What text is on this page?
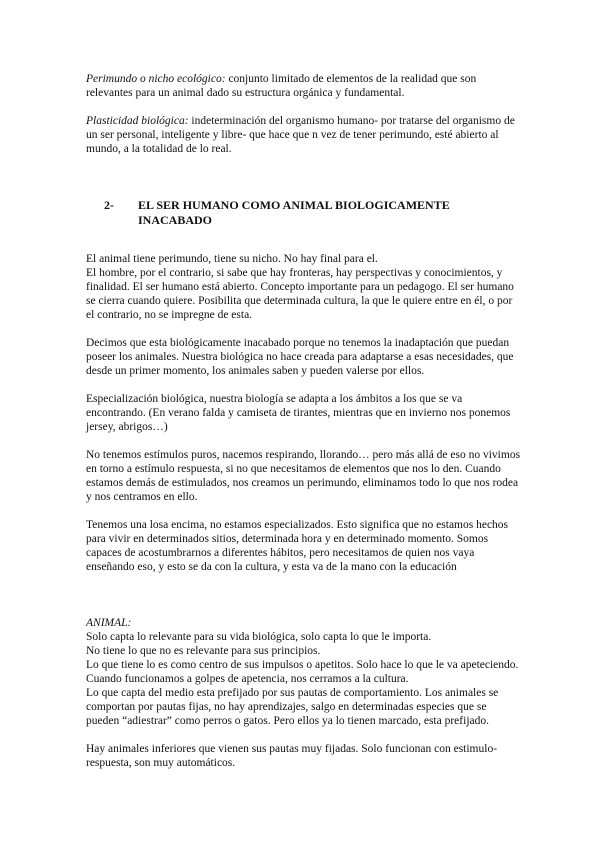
Perimundo o nicho ecológico: conjunto limitado de elementos de la realidad que son relevantes para un animal dado su estructura orgánica y fundamental.

Plasticidad biológica: indeterminación del organismo humano- por tratarse del organismo de un ser personal, inteligente y libre- que hace que n vez de tener perimundo, esté abierto al mundo, a la totalidad de lo real.

2-	EL SER HUMANO COMO ANIMAL BIOLOGICAMENTE INACABADO

El animal tiene perimundo, tiene su nicho. No hay final para el.
El hombre, por el contrario, si sabe que hay fronteras, hay perspectivas y conocimientos, y finalidad. El ser humano está abierto. Concepto importante para un pedagogo. El ser humano se cierra cuando quiere. Posibilita que determinada cultura, la que le quiere entre en él, o por el contrario, no se impregne de esta.

Decimos que esta biológicamente inacabado porque no tenemos la inadaptación que puedan poseer los animales. Nuestra biológica no hace creada para adaptarse a esas necesidades, que desde un primer momento, los animales saben y pueden valerse por ellos.

Especialización biológica, nuestra biología se adapta a los ámbitos a los que se va encontrando. (En verano falda y camiseta de tirantes, mientras que en invierno nos ponemos jersey, abrigos…)

No tenemos estímulos puros, nacemos respirando, llorando… pero más allá de eso no vivimos en torno a estímulo respuesta, si no que necesitamos de elementos que nos lo den. Cuando estamos demás de estimulados, nos creamos un perimundo, eliminamos todo lo que nos rodea y nos centramos en ello.

Tenemos una losa encima, no estamos especializados. Esto significa que no estamos hechos para vivir en determinados sitios, determinada hora y en determinado momento. Somos capaces de acostumbrarnos a diferentes hábitos, pero necesitamos de quien nos vaya enseñando eso, y esto se da con la cultura, y esta va de la mano con la educación

ANIMAL:

Solo capta lo relevante para su vida biológica, solo capta lo que le importa.

No tiene lo que no es relevante para sus principios.

Lo que tiene lo es como centro de sus impulsos o apetitos. Solo hace lo que le va apeteciendo. Cuando funcionamos a golpes de apetencia, nos cerramos a la cultura.

Lo que capta del medio esta prefijado por sus pautas de comportamiento. Los animales se comportan por pautas fijas, no hay aprendizajes, salgo en determinadas especies que se pueden “adiestrar” como perros o gatos. Pero ellos ya lo tienen marcado, esta prefijado.

Hay animales inferiores que vienen sus pautas muy fijadas. Solo funcionan con estimulo-respuesta, son muy automáticos.
